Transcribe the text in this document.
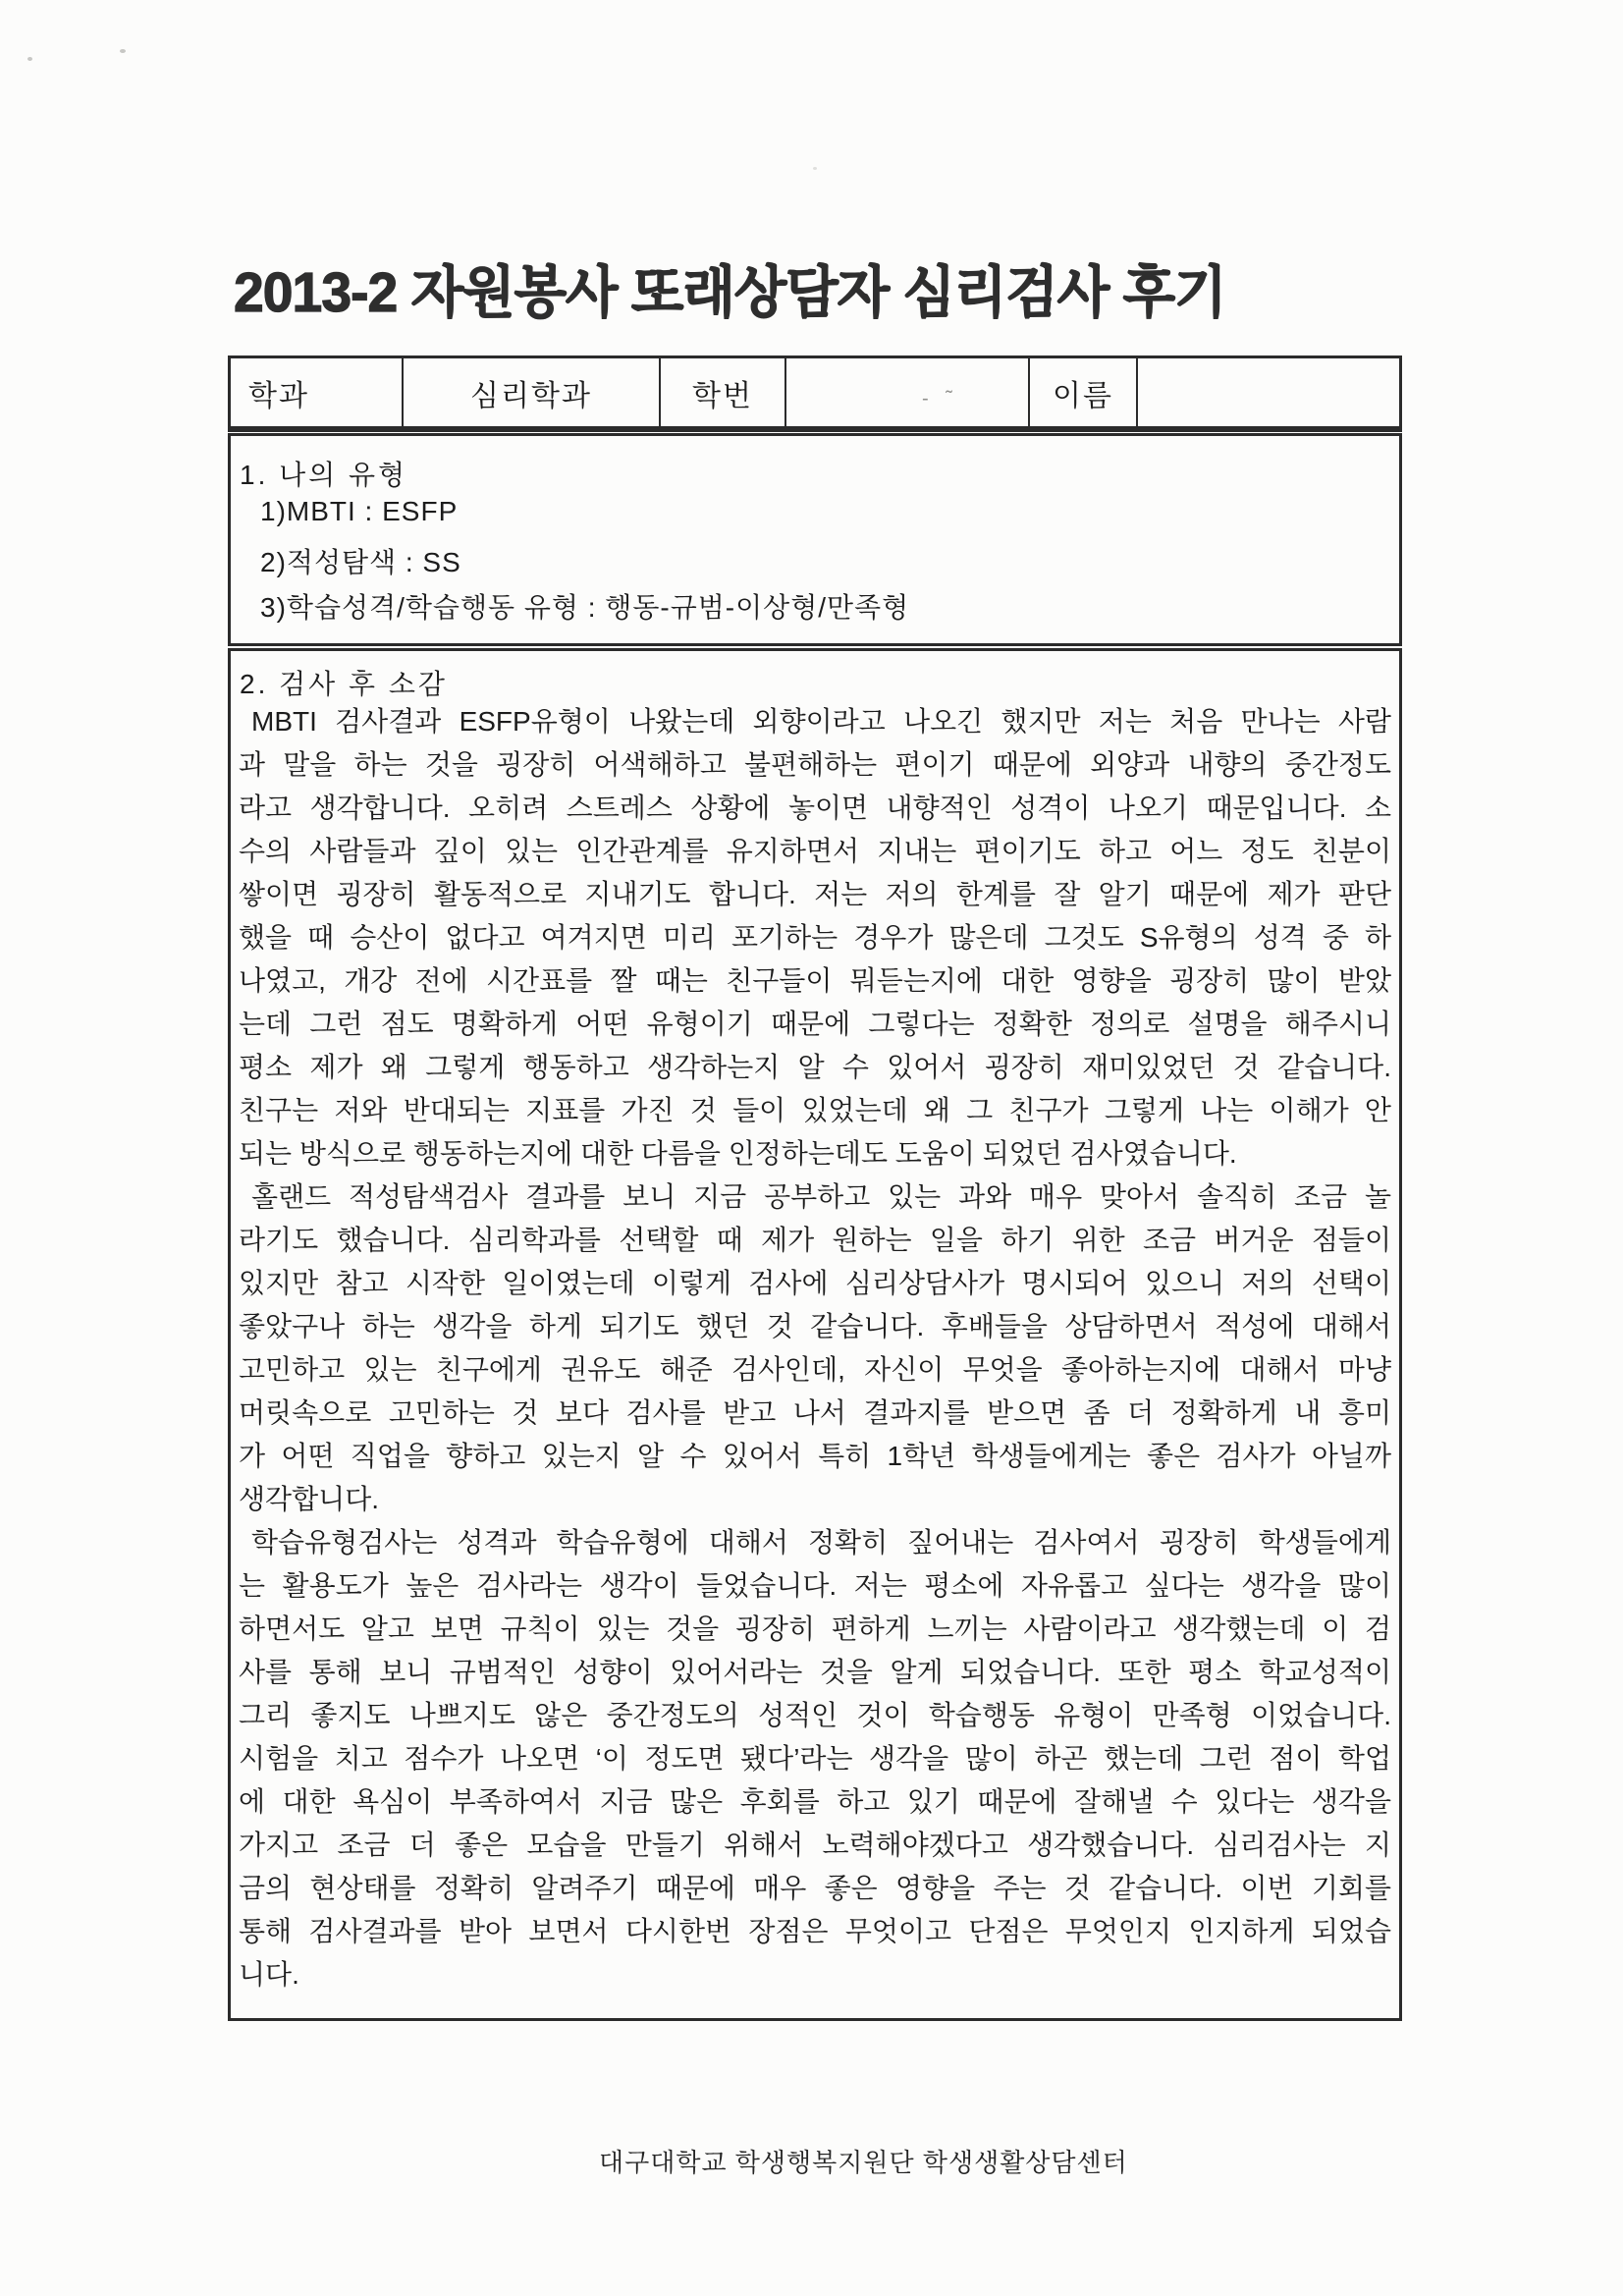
2013-2 자원봉사 또래상담자 심리검사 후기
학과	심리학과	학번	- ˜	이름
1. 나의 유형
1)MBTI : ESFP
2)적성탐색 : SS
3)학습성격/학습행동 유형 : 행동-규범-이상형/만족형
2. 검사 후 소감
MBTI 검사결과 ESFP유형이 나왔는데 외향이라고 나오긴 했지만 저는 처음 만나는 사람
과 말을 하는 것을 굉장히 어색해하고 불편해하는 편이기 때문에 외양과 내향의 중간정도
라고 생각합니다. 오히려 스트레스 상황에 놓이면 내향적인 성격이 나오기 때문입니다. 소
수의 사람들과 깊이 있는 인간관계를 유지하면서 지내는 편이기도 하고 어느 정도 친분이
쌓이면 굉장히 활동적으로 지내기도 합니다. 저는 저의 한계를 잘 알기 때문에 제가 판단
했을 때 승산이 없다고 여겨지면 미리 포기하는 경우가 많은데 그것도 S유형의 성격 중 하
나였고, 개강 전에 시간표를 짤 때는 친구들이 뭐듣는지에 대한 영향을 굉장히 많이 받았
는데 그런 점도 명확하게 어떤 유형이기 때문에 그렇다는 정확한 정의로 설명을 해주시니
평소 제가 왜 그렇게 행동하고 생각하는지 알 수 있어서 굉장히 재미있었던 것 같습니다.
친구는 저와 반대되는 지표를 가진 것 들이 있었는데 왜 그 친구가 그렇게 나는 이해가 안
되는 방식으로 행동하는지에 대한 다름을 인정하는데도 도움이 되었던 검사였습니다.
홀랜드 적성탐색검사 결과를 보니 지금 공부하고 있는 과와 매우 맞아서 솔직히 조금 놀
라기도 했습니다. 심리학과를 선택할 때 제가 원하는 일을 하기 위한 조금 버거운 점들이
있지만 참고 시작한 일이였는데 이렇게 검사에 심리상담사가 명시되어 있으니 저의 선택이
좋았구나 하는 생각을 하게 되기도 했던 것 같습니다. 후배들을 상담하면서 적성에 대해서
고민하고 있는 친구에게 권유도 해준 검사인데, 자신이 무엇을 좋아하는지에 대해서 마냥
머릿속으로 고민하는 것 보다 검사를 받고 나서 결과지를 받으면 좀 더 정확하게 내 흥미
가 어떤 직업을 향하고 있는지 알 수 있어서 특히 1학년 학생들에게는 좋은 검사가 아닐까
생각합니다.
학습유형검사는 성격과 학습유형에 대해서 정확히 짚어내는 검사여서 굉장히 학생들에게
는 활용도가 높은 검사라는 생각이 들었습니다. 저는 평소에 자유롭고 싶다는 생각을 많이
하면서도 알고 보면 규칙이 있는 것을 굉장히 편하게 느끼는 사람이라고 생각했는데 이 검
사를 통해 보니 규범적인 성향이 있어서라는 것을 알게 되었습니다. 또한 평소 학교성적이
그리 좋지도 나쁘지도 않은 중간정도의 성적인 것이 학습행동 유형이 만족형 이었습니다.
시험을 치고 점수가 나오면 ‘이 정도면 됐다’라는 생각을 많이 하곤 했는데 그런 점이 학업
에 대한 욕심이 부족하여서 지금 많은 후회를 하고 있기 때문에 잘해낼 수 있다는 생각을
가지고 조금 더 좋은 모습을 만들기 위해서 노력해야겠다고 생각했습니다. 심리검사는 지
금의 현상태를 정확히 알려주기 때문에 매우 좋은 영향을 주는 것 같습니다. 이번 기회를
통해 검사결과를 받아 보면서 다시한번 장점은 무엇이고 단점은 무엇인지 인지하게 되었습
니다.
대구대학교 학생행복지원단 학생생활상담센터
